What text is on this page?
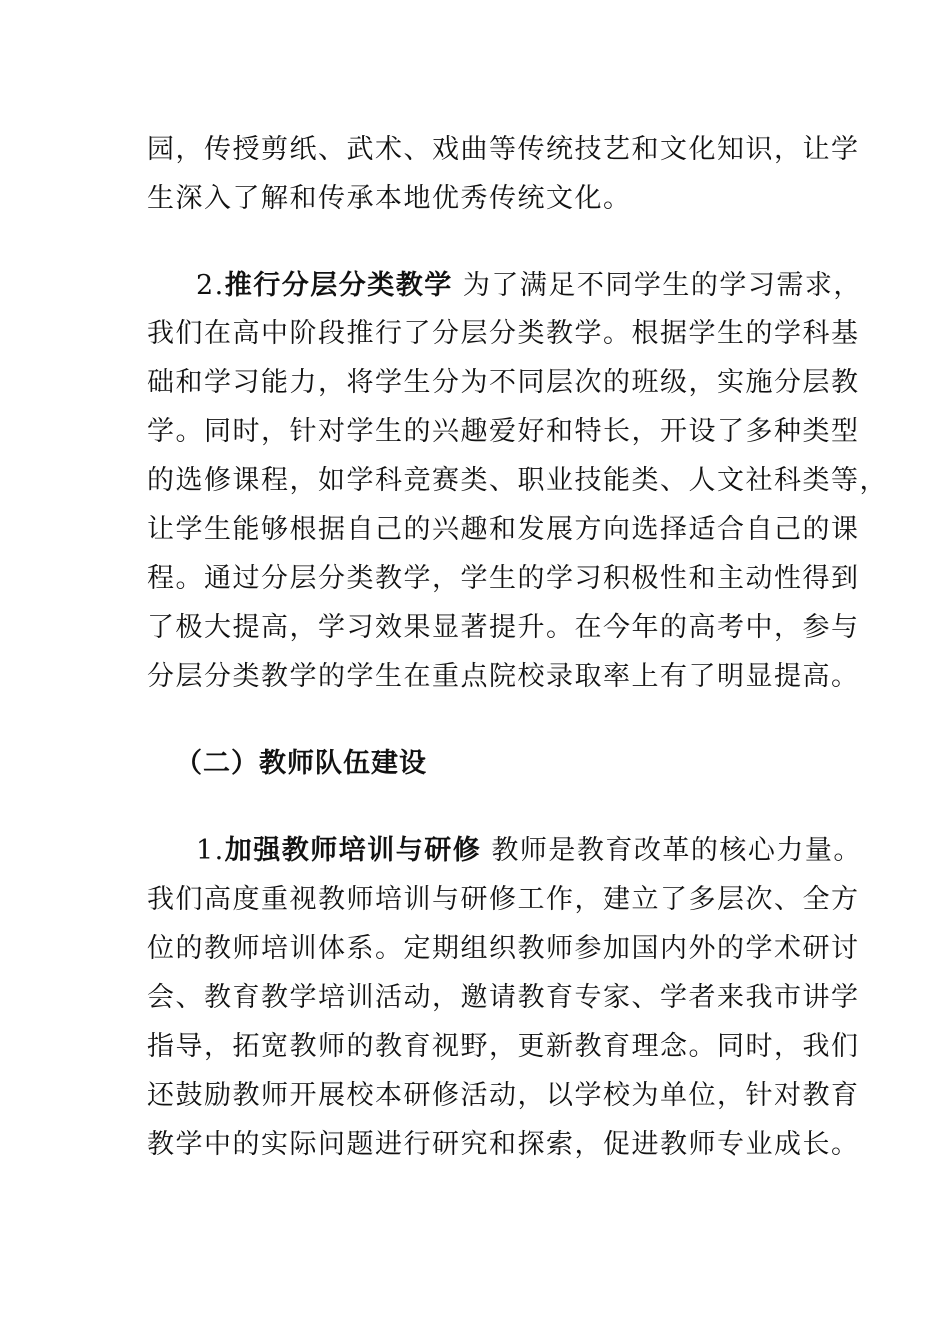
园，传授剪纸、武术、戏曲等传统技艺和文化知识，让学
生深入了解和传承本地优秀传统文化。
2.推行分层分类教学 为了满足不同学生的学习需求，
我们在高中阶段推行了分层分类教学。根据学生的学科基
础和学习能力，将学生分为不同层次的班级，实施分层教
学。同时，针对学生的兴趣爱好和特长，开设了多种类型
的选修课程，如学科竞赛类、职业技能类、人文社科类等，
让学生能够根据自己的兴趣和发展方向选择适合自己的课
程。通过分层分类教学，学生的学习积极性和主动性得到
了极大提高，学习效果显著提升。在今年的高考中，参与
分层分类教学的学生在重点院校录取率上有了明显提高。
（二）教师队伍建设
1.加强教师培训与研修 教师是教育改革的核心力量。
我们高度重视教师培训与研修工作，建立了多层次、全方
位的教师培训体系。定期组织教师参加国内外的学术研讨
会、教育教学培训活动，邀请教育专家、学者来我市讲学
指导，拓宽教师的教育视野，更新教育理念。同时，我们
还鼓励教师开展校本研修活动，以学校为单位，针对教育
教学中的实际问题进行研究和探索，促进教师专业成长。
